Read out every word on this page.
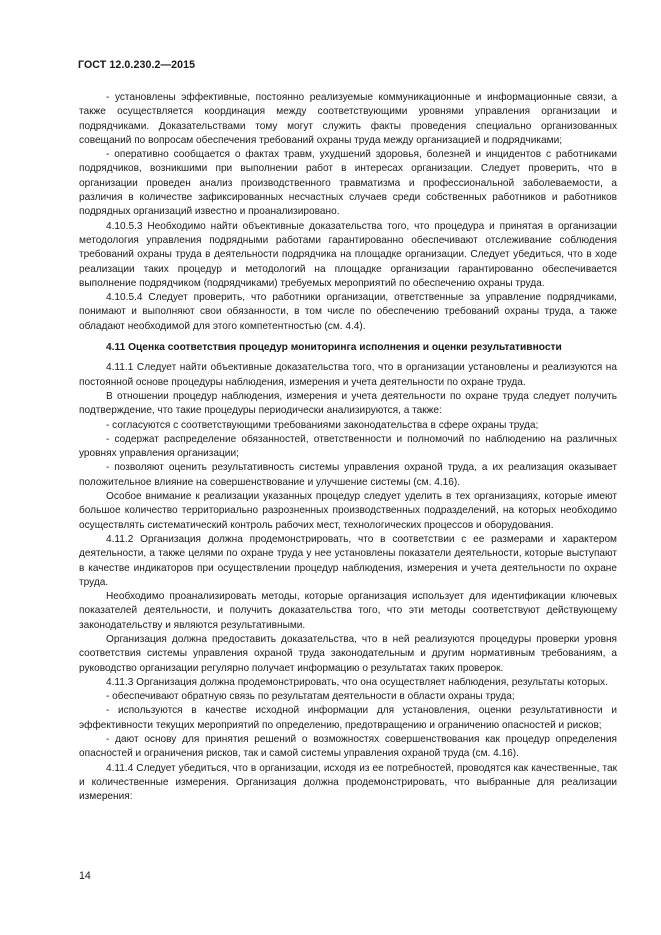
ГОСТ 12.0.230.2—2015

- установлены эффективные, постоянно реализуемые коммуникационные и информационные связи, а также осуществляется координация между соответствующими уровнями управления организации и подрядчиками. Доказательствами тому могут служить факты проведения специально организованных совещаний по вопросам обеспечения требований охраны труда между организацией и подрядчиками;

- оперативно сообщается о фактах травм, ухудшений здоровья, болезней и инцидентов с работниками подрядчиков, возникшими при выполнении работ в интересах организации. Следует проверить, что в организации проведен анализ производственного травматизма и профессиональной заболеваемости, а различия в количестве зафиксированных несчастных случаев среди собственных работников и работников подрядных организаций известно и проанализировано.

4.10.5.3 Необходимо найти объективные доказательства того, что процедура и принятая в организации методология управления подрядными работами гарантированно обеспечивают отслеживание соблюдения требований охраны труда в деятельности подрядчика на площадке организации. Следует убедиться, что в ходе реализации таких процедур и методологий на площадке организации гарантированно обеспечивается выполнение подрядчиком (подрядчиками) требуемых мероприятий по обеспечению охраны труда.

4.10.5.4 Следует проверить, что работники организации, ответственные за управление подрядчиками, понимают и выполняют свои обязанности, в том числе по обеспечению требований охраны труда, а также обладают необходимой для этого компетентностью (см. 4.4).

4.11 Оценка соответствия процедур мониторинга исполнения и оценки результативности

4.11.1 Следует найти объективные доказательства того, что в организации установлены и реализуются на постоянной основе процедуры наблюдения, измерения и учета деятельности по охране труда.

В отношении процедур наблюдения, измерения и учета деятельности по охране труда следует получить подтверждение, что такие процедуры периодически анализируются, а также:

- согласуются с соответствующими требованиями законодательства в сфере охраны труда;

- содержат распределение обязанностей, ответственности и полномочий по наблюдению на различных уровнях управления организации;

- позволяют оценить результативность системы управления охраной труда, а их реализация оказывает положительное влияние на совершенствование и улучшение системы (см. 4.16).

Особое внимание к реализации указанных процедур следует уделить в тех организациях, которые имеют большое количество территориально разрозненных производственных подразделений, на которых необходимо осуществлять систематический контроль рабочих мест, технологических процессов и оборудования.

4.11.2 Организация должна продемонстрировать, что в соответствии с ее размерами и характером деятельности, а также целями по охране труда у нее установлены показатели деятельности, которые выступают в качестве индикаторов при осуществлении процедур наблюдения, измерения и учета деятельности по охране труда.

Необходимо проанализировать методы, которые организация использует для идентификации ключевых показателей деятельности, и получить доказательства того, что эти методы соответствуют действующему законодательству и являются результативными.

Организация должна предоставить доказательства, что в ней реализуются процедуры проверки уровня соответствия системы управления охраной труда законодательным и другим нормативным требованиям, а руководство организации регулярно получает информацию о результатах таких проверок.

4.11.3 Организация должна продемонстрировать, что она осуществляет наблюдения, результаты которых.

- обеспечивают обратную связь по результатам деятельности в области охраны труда;

- используются в качестве исходной информации для установления, оценки результативности и эффективности текущих мероприятий по определению, предотвращению и ограничению опасностей и рисков;

- дают основу для принятия решений о возможностях совершенствования как процедур определения опасностей и ограничения рисков, так и самой системы управления охраной труда (см. 4.16).

4.11.4 Следует убедиться, что в организации, исходя из ее потребностей, проводятся как качественные, так и количественные измерения. Организация должна продемонстрировать, что выбранные для реализации измерения:

14
